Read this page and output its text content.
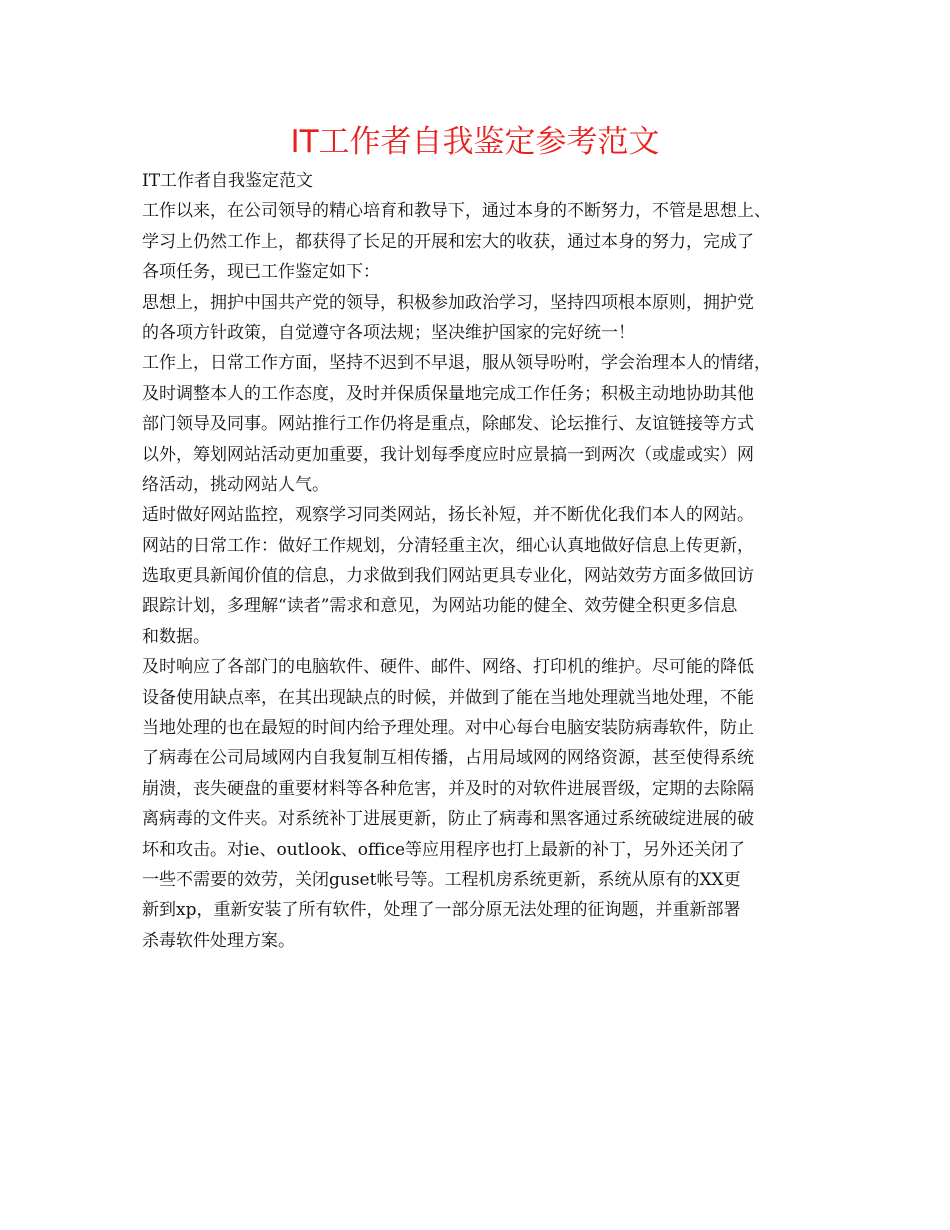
IT工作者自我鉴定参考范文
IT工作者自我鉴定范文
工作以来，在公司领导的精心培育和教导下，通过本身的不断努力，不管是思想上、
学习上仍然工作上，都获得了长足的开展和宏大的收获，通过本身的努力，完成了
各项任务，现已工作鉴定如下：
思想上，拥护中国共产党的领导，积极参加政治学习，坚持四项根本原则，拥护党
的各项方针政策，自觉遵守各项法规；坚决维护国家的完好统一！
工作上，日常工作方面，坚持不迟到不早退，服从领导吩咐，学会治理本人的情绪，
及时调整本人的工作态度，及时并保质保量地完成工作任务；积极主动地协助其他
部门领导及同事。网站推行工作仍将是重点，除邮发、论坛推行、友谊链接等方式
以外，筹划网站活动更加重要，我计划每季度应时应景搞一到两次（或虚或实）网
络活动，挑动网站人气。
适时做好网站监控，观察学习同类网站，扬长补短，并不断优化我们本人的网站。
网站的日常工作：做好工作规划，分清轻重主次，细心认真地做好信息上传更新，
选取更具新闻价值的信息，力求做到我们网站更具专业化，网站效劳方面多做回访
跟踪计划，多理解“读者”需求和意见，为网站功能的健全、效劳健全积更多信息
和数据。
及时响应了各部门的电脑软件、硬件、邮件、网络、打印机的维护。尽可能的降低
设备使用缺点率，在其出现缺点的时候，并做到了能在当地处理就当地处理，不能
当地处理的也在最短的时间内给予理处理。对中心每台电脑安装防病毒软件，防止
了病毒在公司局域网内自我复制互相传播，占用局域网的网络资源，甚至使得系统
崩溃，丧失硬盘的重要材料等各种危害，并及时的对软件进展晋级，定期的去除隔
离病毒的文件夹。对系统补丁进展更新，防止了病毒和黑客通过系统破绽进展的破
坏和攻击。对ie、outlook、office等应用程序也打上最新的补丁，另外还关闭了
一些不需要的效劳，关闭guset帐号等。工程机房系统更新，系统从原有的XX更
新到xp，重新安装了所有软件，处理了一部分原无法处理的征询题，并重新部署
杀毒软件处理方案。
